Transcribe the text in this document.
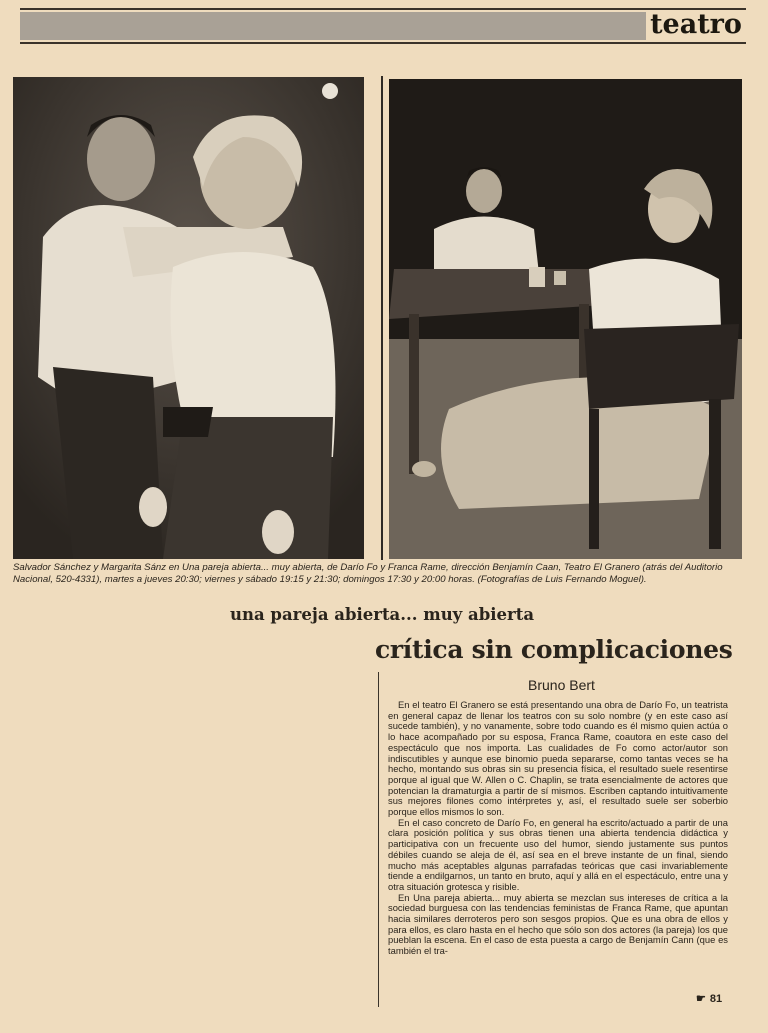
teatro
Salvador Sánchez y Margarita Sánz en Una pareja abierta... muy abierta, de Darío Fo y Franca Rame, dirección Benjamín Caan, Teatro El Granero (atrás del Auditorio Nacional, 520-4331), martes a jueves 20:30; viernes y sábado 19:15 y 21:30; domingos 17:30 y 20:00 horas. (Fotografías de Luis Fernando Moguel).
una pareja abierta... muy abierta
crítica sin complicaciones
Bruno Bert

En el teatro El Granero se está presentando una obra de Darío Fo, un teatrista en general capaz de llenar los teatros con su solo nombre (y en este caso así sucede también), y no vanamente, sobre todo cuando es él mismo quien actúa o lo hace acompañado por su esposa, Franca Rame, coautora en este caso del espectáculo que nos importa. Las cualidades de Fo como actor/autor son indiscutibles y aunque ese binomio pueda separarse, como tantas veces se ha hecho, montando sus obras sin su presencia física, el resultado suele resentirse porque al igual que W. Allen o C. Chaplin, se trata esencialmente de actores que potencian la dramaturgia a partir de sí mismos. Escriben captando intuitivamente sus mejores filones como intérpretes y, así, el resultado suele ser soberbio porque ellos mismos lo son.

En el caso concreto de Darío Fo, en general ha escrito/actuado a partir de una clara posición política y sus obras tienen una abierta tendencia didáctica y participativa con un frecuente uso del humor, siendo justamente sus puntos débiles cuando se aleja de él, así sea en el breve instante de un final, siendo mucho más aceptables algunas parrafadas teóricas que casi invariablemente tiende a endilgarnos, un tanto en bruto, aquí y allá en el espectáculo, entre una y otra situación grotesca y risible.

En Una pareja abierta... muy abierta se mezclan sus intereses de crítica a la sociedad burguesa con las tendencias feministas de Franca Rame, que apuntan hacia similares derroteros pero son sesgos propios. Que es una obra de ellos y para ellos, es claro hasta en el hecho que sólo son dos actores (la pareja) los que pueblan la escena. En el caso de esta puesta a cargo de Benjamín Cann (que es también el tra-

☛ 81
